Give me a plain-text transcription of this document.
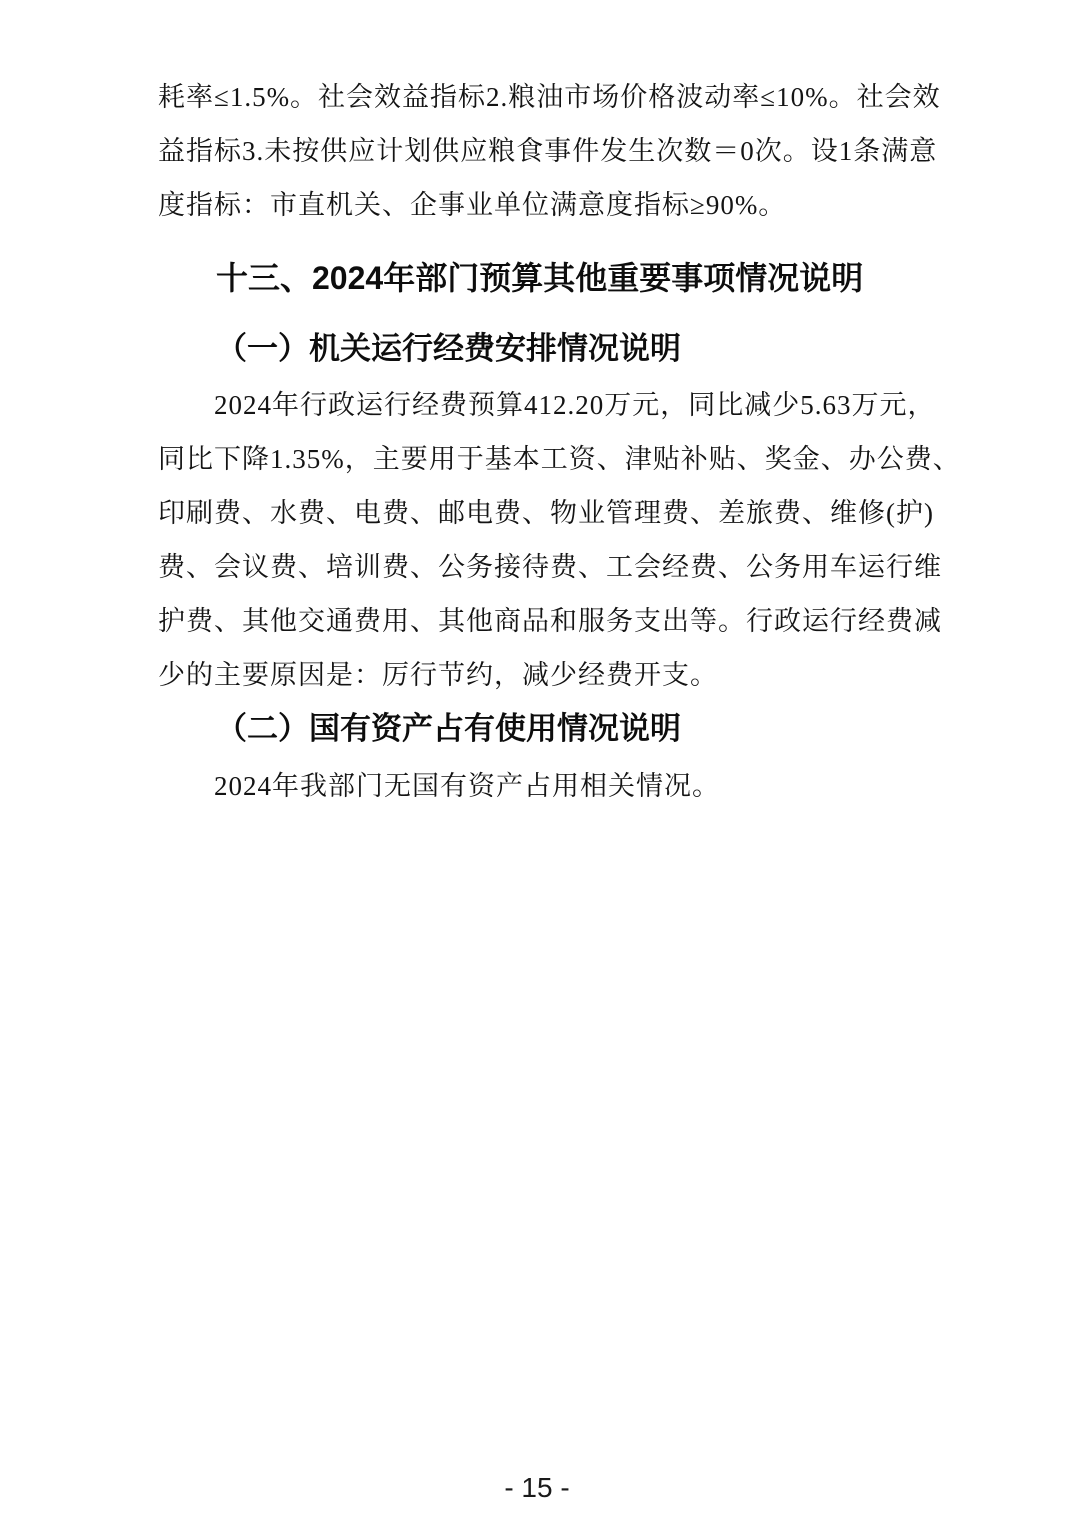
耗率≤1.5%。社会效益指标2.粮油市场价格波动率≤10%。社会效
益指标3.未按供应计划供应粮食事件发生次数＝0次。设1条满意
度指标：市直机关、企事业单位满意度指标≥90%。
十三、2024年部门预算其他重要事项情况说明
（一）机关运行经费安排情况说明
2024年行政运行经费预算412.20万元，同比减少5.63万元，
同比下降1.35%，主要用于基本工资、津贴补贴、奖金、办公费、
印刷费、水费、电费、邮电费、物业管理费、差旅费、维修(护)
费、会议费、培训费、公务接待费、工会经费、公务用车运行维
护费、其他交通费用、其他商品和服务支出等。行政运行经费减
少的主要原因是：厉行节约，减少经费开支。
（二）国有资产占有使用情况说明
2024年我部门无国有资产占用相关情况。
- 15 -
